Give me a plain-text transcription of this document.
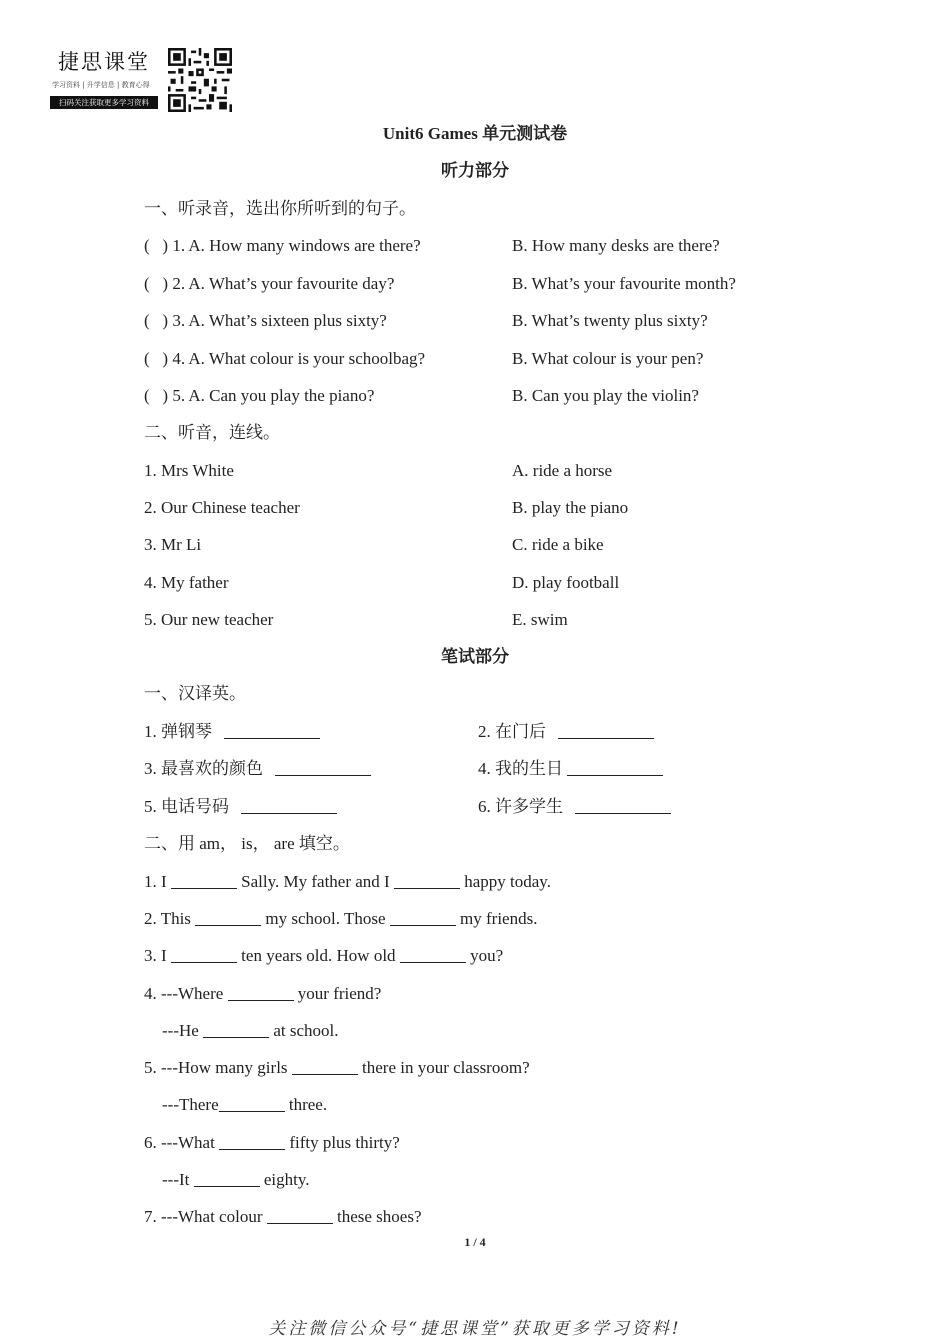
捷思课堂
学习资料 | 升学信息 | 教育心得
扫码关注获取更多学习资料
Unit6 Games 单元测试卷
听力部分
一、听录音，选出你所听到的句子。
(   ) 1. A. How many windows are there?	B. How many desks are there?
(   ) 2. A. What’s your favourite day?	B. What’s your favourite month?
(   ) 3. A. What’s sixteen plus sixty?	B. What’s twenty plus sixty?
(   ) 4. A. What colour is your schoolbag?	B. What colour is your pen?
(   ) 5. A. Can you play the piano?	B. Can you play the violin?
二、听音，连线。
1. Mrs White	A. ride a horse
2. Our Chinese teacher	B. play the piano
3. Mr Li	C. ride a bike
4. My father	D. play football
5. Our new teacher	E. swim
笔试部分
一、汉译英。
1. 弹钢琴	2. 在门后
3. 最喜欢的颜色	4. 我的生日
5. 电话号码	6. 许多学生
二、用 am， is， are 填空。
1. I	Sally. My father and I	happy today.
2. This	my school. Those	my friends.
3. I	ten years old. How old	you?
4. ---Where	your friend?
---He	at school.
5. ---How many girls	there in your classroom?
---There	three.
6. ---What	fifty plus thirty?
---It	eighty.
7. ---What colour	these shoes?
1 / 4
关注微信公众号“捷思课堂”获取更多学习资料!
